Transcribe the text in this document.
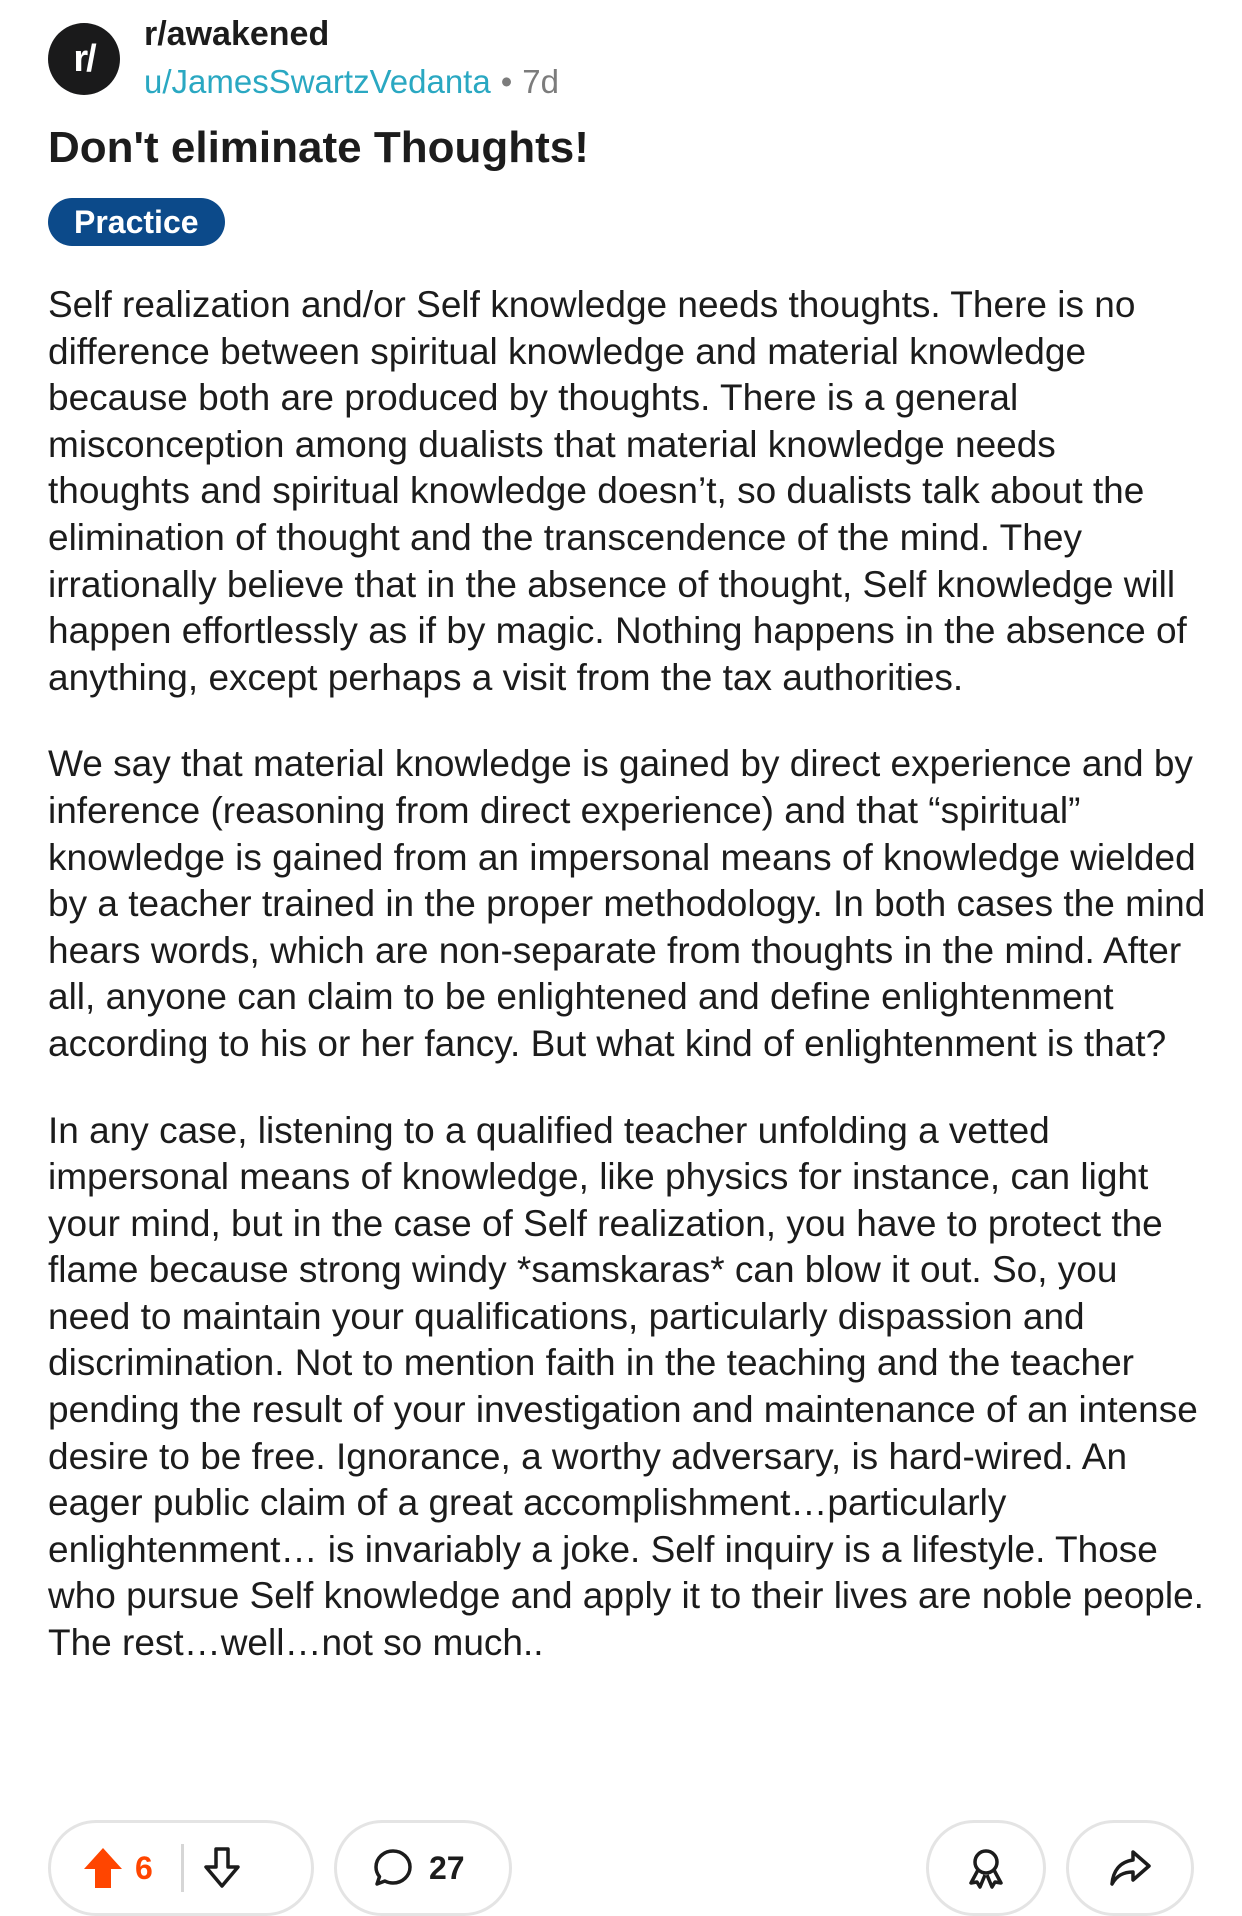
r/
r/awakened
u/JamesSwartzVedanta • 7d
Don't eliminate Thoughts!
Practice

Self realization and/or Self knowledge needs thoughts. There is no difference between spiritual knowledge and material knowledge because both are produced by thoughts. There is a general misconception among dualists that material knowledge needs thoughts and spiritual knowledge doesn’t, so dualists talk about the elimination of thought and the transcendence of the mind. They irrationally believe that in the absence of thought, Self knowledge will happen effortlessly as if by magic. Nothing happens in the absence of anything, except perhaps a visit from the tax authorities.

We say that material knowledge is gained by direct experience and by inference (reasoning from direct experience) and that “spiritual” knowledge is gained from an impersonal means of knowledge wielded by a teacher trained in the proper methodology. In both cases the mind hears words, which are non-separate from thoughts in the mind. After all, anyone can claim to be enlightened and define enlightenment according to his or her fancy. But what kind of enlightenment is that?

In any case, listening to a qualified teacher unfolding a vetted impersonal means of knowledge, like physics for instance, can light your mind, but in the case of Self realization, you have to protect the flame because strong windy *samskaras* can blow it out. So, you need to maintain your qualifications, particularly dispassion and discrimination. Not to mention faith in the teaching and the teacher pending the result of your investigation and maintenance of an intense desire to be free. Ignorance, a worthy adversary, is hard-wired. An eager public claim of a great accomplishment…particularly enlightenment… is invariably a joke. Self inquiry is a lifestyle. Those who pursue Self knowledge and apply it to their lives are noble people. The rest…well…not so much..

6	27
